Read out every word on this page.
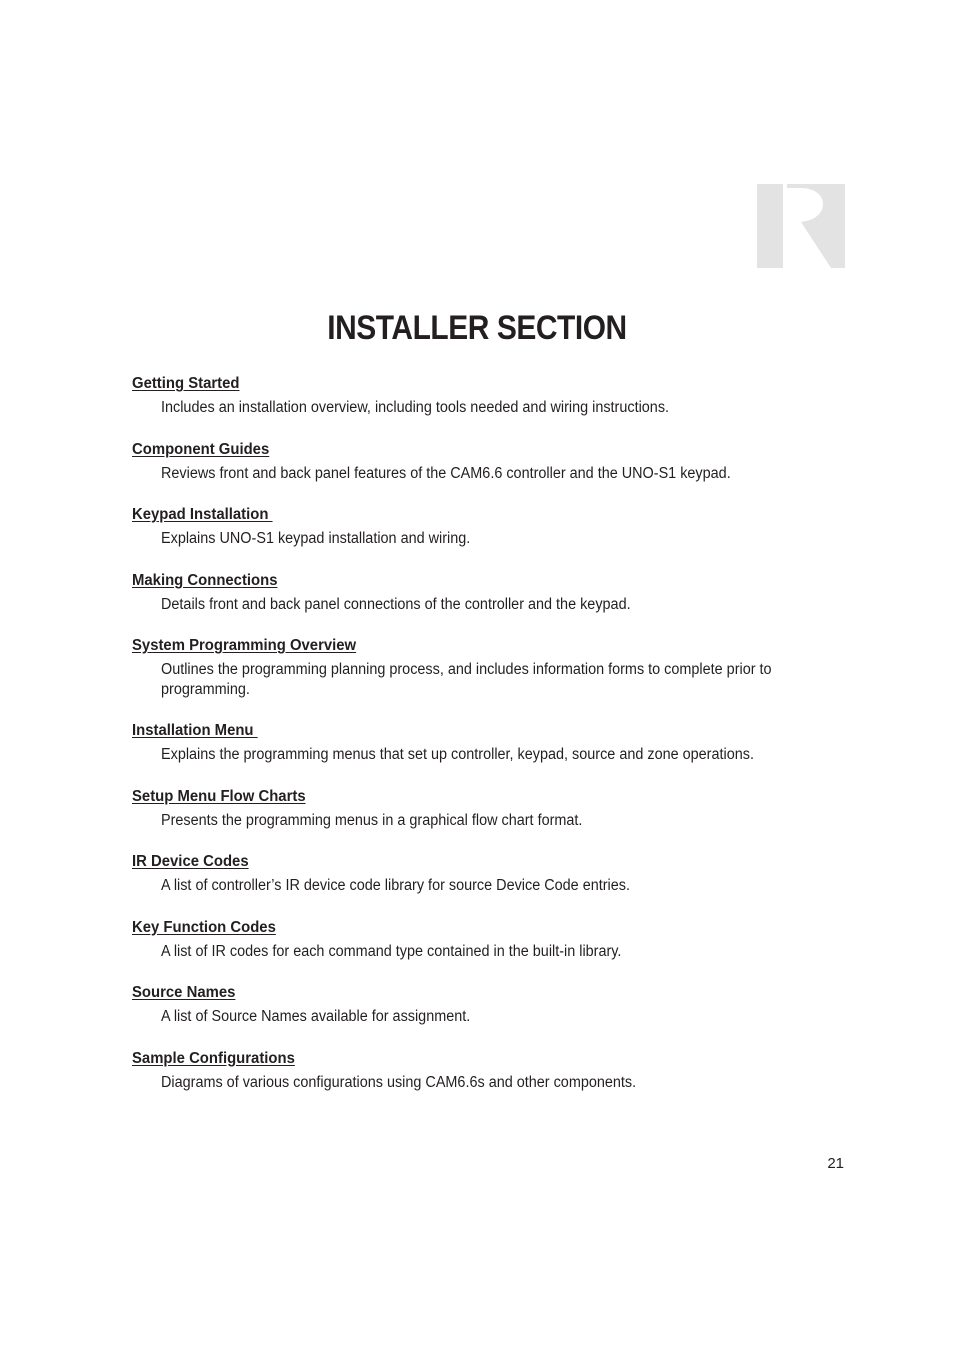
INSTALLER SECTION
Getting Started
Includes an installation overview, including tools needed and wiring instructions.
Component Guides
Reviews front and back panel features of the CAM6.6 controller and the UNO-S1 keypad.
Keypad Installation
Explains UNO-S1 keypad installation and wiring.
Making Connections
Details front and back panel connections of the controller and the keypad.
System Programming Overview
Outlines the programming planning process, and includes information forms to complete prior to programming.
Installation Menu
Explains the programming menus that set up controller, keypad, source and zone operations.
Setup Menu Flow Charts
Presents the programming menus in a graphical flow chart format.
IR Device Codes
A list of controller’s IR device code library for source Device Code entries.
Key Function Codes
A list of IR codes for each command type contained in the built-in library.
Source Names
A list of Source Names available for assignment.
Sample Configurations
Diagrams of various configurations using CAM6.6s and other components.
21
